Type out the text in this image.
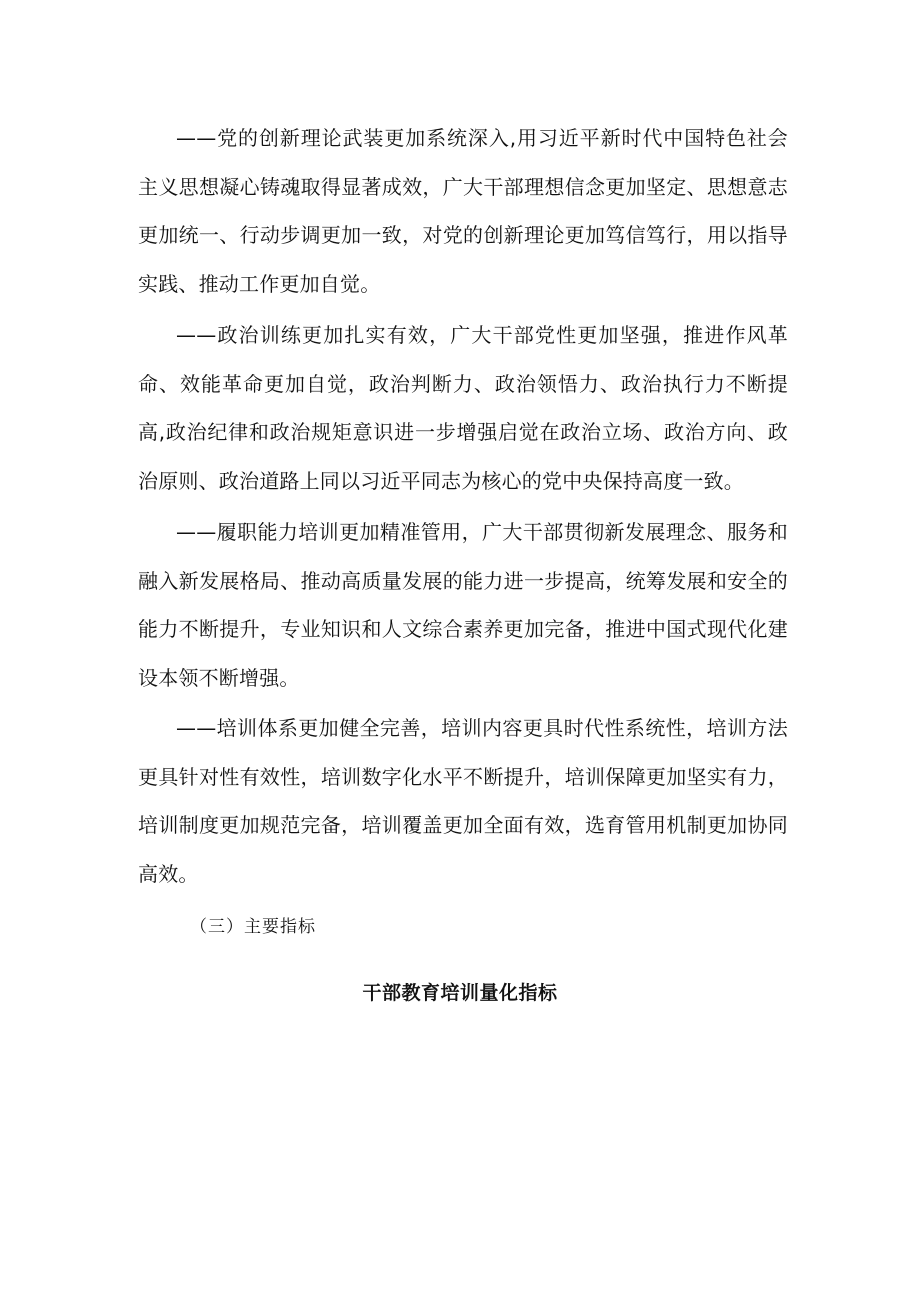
——党的创新理论武装更加系统深入,用习近平新时代中国特色社会主义思想凝心铸魂取得显著成效，广大干部理想信念更加坚定、思想意志更加统一、行动步调更加一致，对党的创新理论更加笃信笃行，用以指导实践、推动工作更加自觉。

——政治训练更加扎实有效，广大干部党性更加坚强，推进作风革命、效能革命更加自觉，政治判断力、政治领悟力、政治执行力不断提高,政治纪律和政治规矩意识进一步增强启觉在政治立场、政治方向、政治原则、政治道路上同以习近平同志为核心的党中央保持高度一致。

——履职能力培训更加精准管用，广大干部贯彻新发展理念、服务和融入新发展格局、推动高质量发展的能力进一步提高，统筹发展和安全的能力不断提升，专业知识和人文综合素养更加完备，推进中国式现代化建设本领不断增强。

——培训体系更加健全完善，培训内容更具时代性系统性，培训方法更具针对性有效性，培训数字化水平不断提升，培训保障更加坚实有力，培训制度更加规范完备，培训覆盖更加全面有效，选育管用机制更加协同高效。

（三）主要指标

干部教育培训量化指标
